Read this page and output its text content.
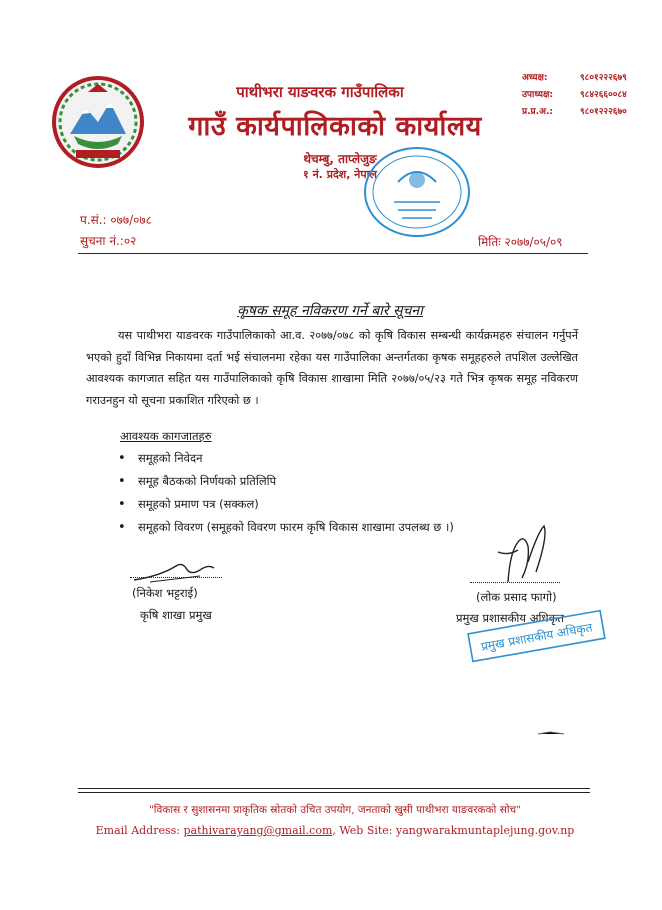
पाथीभरा याङवरक गाउँपालिका
गाउँ कार्यपालिकाको कार्यालय
थेचम्बु, ताप्लेजुङ
१ नं. प्रदेश, नेपाल
अध्यक्ष:	९८०१२२२६७९
उपाध्यक्ष:	९८४२६६००८४
प्र.प्र.अ.:	९८०१२२२६७०
प.सं.: ०७७/०७८
सुचना नं.:०२	मितिः २०७७/०५/०९
कृषक समूह नविकरण गर्ने बारे सूचना
यस पाथीभरा याङवरक गाउँपालिकाको आ.व. २०७७/०७८ को कृषि विकास सम्बन्धी कार्यक्रमहरु संचालन गर्नुपर्ने भएको हुदाँ विभिन्न निकायमा दर्ता भई संचालनमा रहेका यस गाउँपालिका अन्तर्गतका कृषक समूहहरुले तपशिल उल्लेखित आवश्यक कागजात सहित यस गाउँपालिकाको कृषि विकास शाखामा मिति २०७७/०५/२३ गते भित्र कृषक समूह नविकरण गराउनहुन यो सूचना प्रकाशित गरिएको छ ।
आवश्यक कागजातहरु
• समूहको निवेदन
• समूह बैठकको निर्णयको प्रतिलिपि
• समूहको प्रमाण पत्र (सक्कल)
• समूहको विवरण (समूहको विवरण फारम कृषि विकास शाखामा उपलब्ध छ ।)
(निकेश भट्टराई)
कृषि शाखा प्रमुख
(लोक प्रसाद फागो)
प्रमुख प्रशासकीय अधिकृत
प्रमुख प्रशासकीय अधिकृत
"विकास र सुशासनमा प्राकृतिक स्रोतको उचित उपयोग, जनताको खुसी पाथीभरा याङवरकको सोच"
Email Address: pathivarayang@gmail.com, Web Site: yangwarakmuntaplejung.gov.np
